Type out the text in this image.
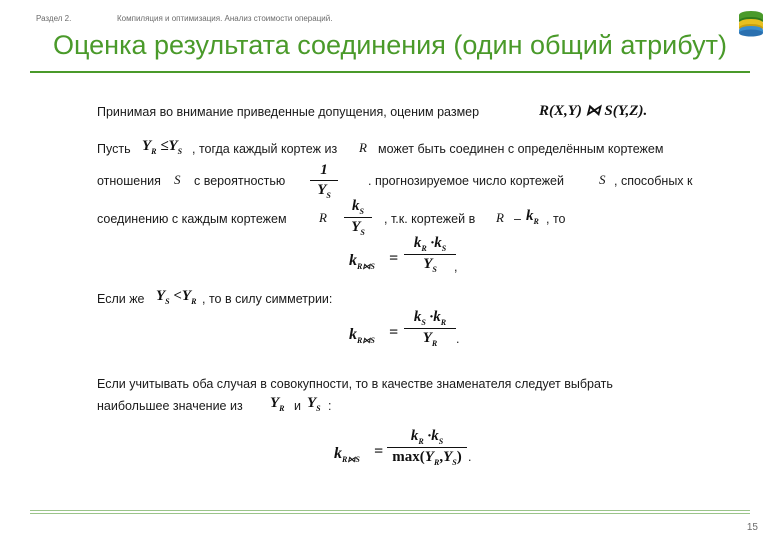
Раздел 2.	Компиляция и оптимизация. Анализ стоимости операций.
Оценка результата соединения (один общий атрибут)
Принимая во внимание приведенные допущения, оценим размер	R(X,Y) ⋈ S(Y,Z).
Пусть $Y_R \le Y_S$ , тогда каждый кортеж из R может быть соединен с определённым кортежем
отношения S с вероятностью
1
$Y_S$
. прогнозируемое число кортежей	S , способных к
соединению с каждым кортежем R
$k_S$
$Y_S$
, т.к. кортежей в R – $k_R$ , то
$k_{R⋈S}$ =
$k_R \cdot k_S$
$Y_S$	,
Если же $Y_S <Y_R$ , то в силу симметрии:
$k_{R⋈S}$ =
$k_S \cdot k_R$
$Y_R$	.
Если учитывать оба случая в совокупности, то в качестве знаменателя следует выбрать
наибольшее значение из $Y_R$ и $Y_S$ :
$k_{R⋈S}$ =
$k_R \cdot k_S$
$\max(Y_R,Y_S)$ .
15
